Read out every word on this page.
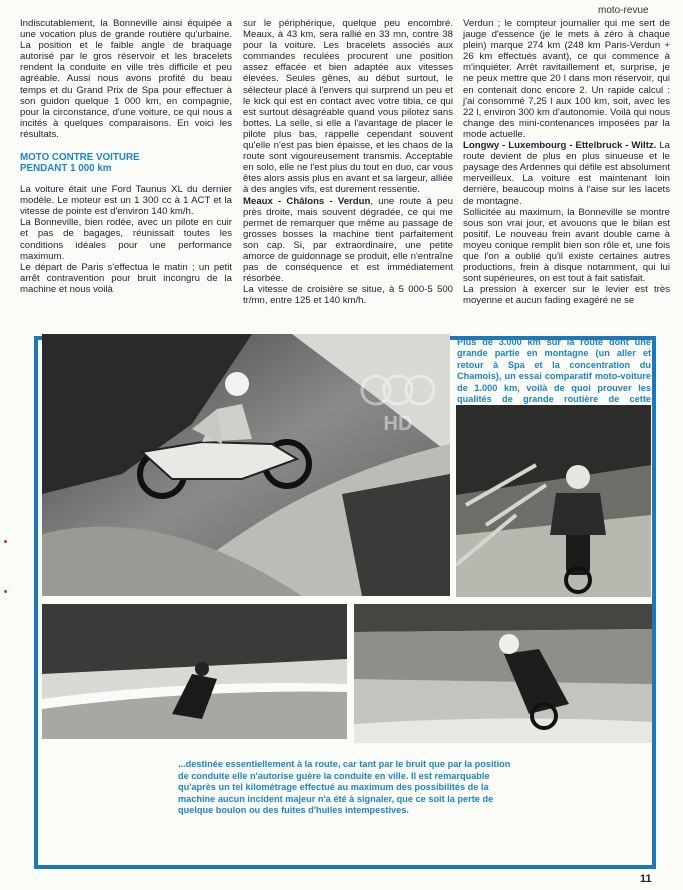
moto-revue

Indiscutablement, la Bonneville ainsi équipée a une vocation plus de grande routière qu'urbaine. La position et le faible angle de braquage autorisé par le gros réservoir et les bracelets rendent la conduite en ville très difficile et peu agréable. Aussi nous avons profité du beau temps et du Grand Prix de Spa pour effectuer à son guidon quelque 1 000 km, en compagnie, pour la circonstance, d'une voiture, ce qui nous a incités à quelques comparaisons. En voici les résultats.

MOTO CONTRE VOITURE
PENDANT 1 000 km

La voiture était une Ford Taunus XL du dernier modèle. Le moteur est un 1 300 cc à 1 ACT et la vitesse de pointe est d'environ 140 km/h.

La Bonneville, bien rodée, avec un pilote en cuir et pas de bagages, réunissait toutes les conditions idéales pour une performance maximum.

Le départ de Paris s'effectua le matin ; un petit arrêt contravention pour bruit incongru de la machine et nous voilà

sur le périphérique, quelque peu encombré. Meaux, à 43 km, sera rallié en 33 mn, contre 38 pour la voiture. Les bracelets associés aux commandes reculées procurent une position assez effacée et bien adaptée aux vitesses élevées. Seules gênes, au début surtout, le sélecteur placé à l'envers qui surprend un peu et le kick qui est en contact avec votre tibia, ce qui est surtout désagréable quand vous pilotez sans bottes. La selle, si elle a l'avantage de placer le pilote plus bas, rappelle cependant souvent qu'elle n'est pas bien épaisse, et les chaos de la route sont vigoureusement transmis. Acceptable en solo, elle ne l'est plus du tout en duo, car vous êtes alors assis plus en avant et sa largeur, alliée à des angles vifs, est durement ressentie.

Meaux - Châlons - Verdun, une route à peu près droite, mais souvent dégradée, ce qui me permet de remarquer que même au passage de grosses bosses la machine tient parfaitement son cap. Si, par extraordinaire, une petite amorce de guidonnage se produit, elle n'entraîne pas de conséquence et est immédiatement résorbée.

La vitesse de croisière se situe, à 5 000-5 500 tr/mn, entre 125 et 140 km/h.

Verdun ; le compteur journalier qui me sert de jauge d'essence (je le mets à zéro à chaque plein) marque 274 km (248 km Paris-Verdun + 26 km effectués avant), ce qui commence à m'inquiéter. Arrêt ravitaillement et, surprise, je ne peux mettre que 20 l dans mon réservoir, qui en contenait donc encore 2. Un rapide calcul : j'ai consommé 7,25 l aux 100 km, soit, avec les 22 l, environ 300 km d'autonomie. Voilà qui nous change des mini-contenances imposées par la mode actuelle.

Longwy - Luxembourg - Ettelbruck - Wiltz. La route devient de plus en plus sinueuse et le paysage des Ardennes qui défile est absolument merveilleux. La voiture est maintenant loin derrière, beaucoup moins à l'aise sur les lacets de montagne.

Sollicitée au maximum, la Bonneville se montre sous son vrai jour, et avouons que le bilan est positif. Le nouveau frein avant double came à moyeu conique remplit bien son rôle et, une fois que l'on a oublié qu'il existe certaines autres productions, frein à disque notamment, qui lui sont supérieures, on est tout à fait satisfait.

La pression à exercer sur le levier est très moyenne et aucun fading exagéré ne se

HD
Plus de 3.000 km sur la route dont une grande partie en montagne (un aller et retour à Spa et la concentration du Chamois), un essai comparatif moto-voiture de 1.000 km, voilà de quoi prouver les qualités de grande routière de cette
...destinée essentiellement à la route, car tant par le bruit que par la position de conduite elle n'autorise guère la conduite en ville. Il est remarquable qu'après un tel kilométrage effectué au maximum des possibilités de la machine aucun incident majeur n'a été à signaler, que ce soit la perte de quelque boulon ou des fuites d'huiles intempestives.
11
